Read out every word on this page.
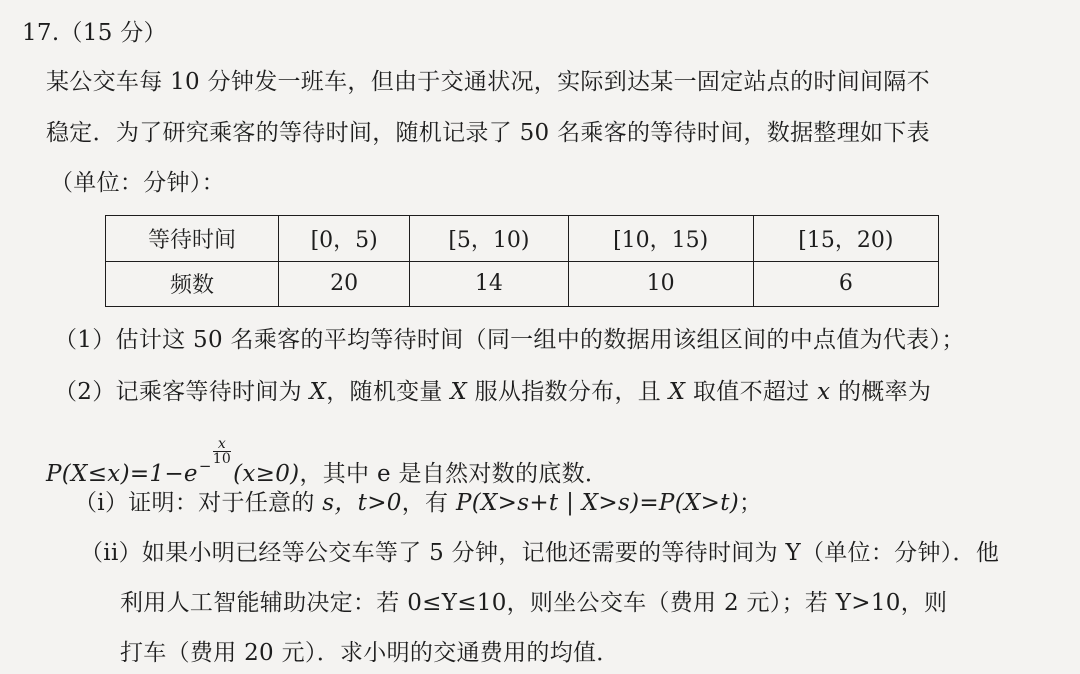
17.（15 分）
某公交车每 10 分钟发一班车，但由于交通状况，实际到达某一固定站点的时间间隔不
稳定．为了研究乘客的等待时间，随机记录了 50 名乘客的等待时间，数据整理如下表
（单位：分钟）：
等待时间	[0，5)	[5，10)	[10，15)	[15，20)
频数	20	14	10	6
（1）估计这 50 名乘客的平均等待时间（同一组中的数据用该组区间的中点值为代表）；
（2）记乘客等待时间为 X，随机变量 X 服从指数分布，且 X 取值不超过 x 的概率为
$P(X\le x)=1-e- \frac{x}{10}$
(x≥0)，其中 e 是自然对数的底数．
（i）证明：对于任意的 s，t>0，有 P(X>s+t | X>s)=P(X>t)；
（ii）如果小明已经等公交车等了 5 分钟，记他还需要的等待时间为 Y（单位：分钟）．他
利用人工智能辅助决定：若 0≤Y≤10，则坐公交车（费用 2 元）；若 Y>10，则
打车（费用 20 元）．求小明的交通费用的均值．
